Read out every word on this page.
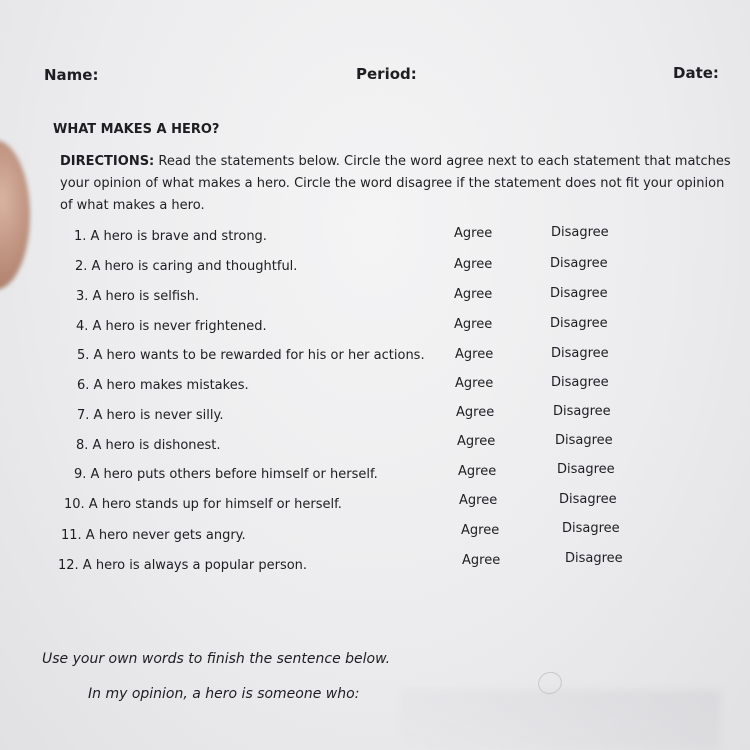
Name:	Period:	Date:
WHAT MAKES A HERO?
DIRECTIONS: Read the statements below. Circle the word agree next to each statement that matches
your opinion of what makes a hero. Circle the word disagree if the statement does not fit your opinion
of what makes a hero.
1. A hero is brave and strong.	Agree	Disagree
2. A hero is caring and thoughtful.	Agree	Disagree
3. A hero is selfish.	Agree	Disagree
4. A hero is never frightened.	Agree	Disagree
5. A hero wants to be rewarded for his or her actions. Agree	Disagree
6. A hero makes mistakes.	Agree	Disagree
7. A hero is never silly.	Agree	Disagree
8. A hero is dishonest.	Agree	Disagree
9. A hero puts others before himself or herself.	Agree	Disagree
10. A hero stands up for himself or herself.	Agree	Disagree
11. A hero never gets angry.	Agree	Disagree
12. A hero is always a popular person.	Agree	Disagree
Use your own words to finish the sentence below.
In my opinion, a hero is someone who:
